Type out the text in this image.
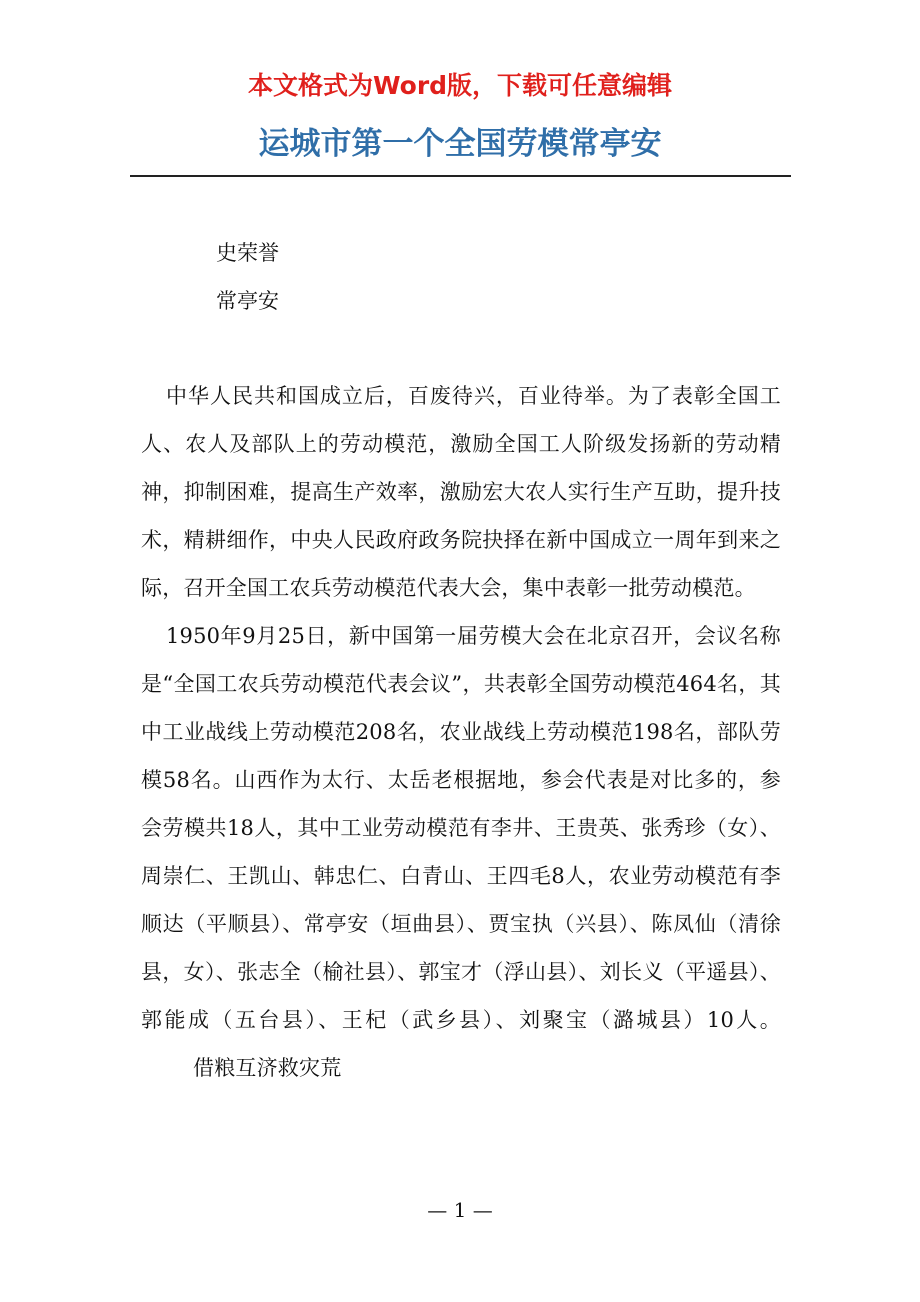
本文格式为Word版，下载可任意编辑
运城市第一个全国劳模常亭安
史荣誉
常亭安

中华人民共和国成立后，百废待兴，百业待举。为了表彰全国工人、农人及部队上的劳动模范，激励全国工人阶级发扬新的劳动精神，抑制困难，提高生产效率，激励宏大农人实行生产互助，提升技术，精耕细作，中央人民政府政务院抉择在新中国成立一周年到来之际，召开全国工农兵劳动模范代表大会，集中表彰一批劳动模范。

1950年9月25日，新中国第一届劳模大会在北京召开，会议名称是“全国工农兵劳动模范代表会议”，共表彰全国劳动模范464名，其中工业战线上劳动模范208名，农业战线上劳动模范198名，部队劳模58名。山西作为太行、太岳老根据地，参会代表是对比多的，参会劳模共18人，其中工业劳动模范有李井、王贵英、张秀珍（女）、周崇仁、王凯山、韩忠仁、白青山、王四毛8人，农业劳动模范有李顺达（平顺县）、常亭安（垣曲县）、贾宝执（兴县）、陈凤仙（清徐县，女）、张志全（榆社县）、郭宝才（浮山县）、刘长义（平遥县）、郭能成（五台县）、王杞（武乡县）、刘聚宝（潞城县）10人。借粮互济救灾荒

— 1 —
